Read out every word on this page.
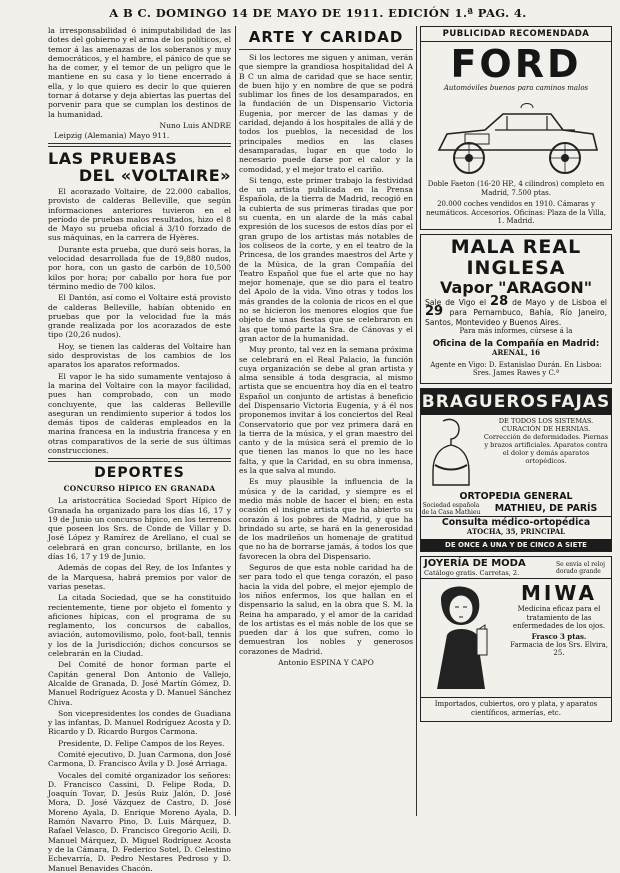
A B C. DOMINGO 14 DE MAYO DE 1911. EDICIÓN 1.ª PAG. 4.

la irresponsabilidad ó inimputabilidad de las dotes del gobierno y el arma de los políticos, el temor á las amenazas de los soberanos y muy democráticos, y el hambre, el pánico de que se ha de comer, y el temor de un peligro que le mantiene en su casa y lo tiene encerrado á ella, y lo que quiero es decir lo que quieren tornar á dotarse y deja abiertas las puertas del porvenir para que se cumplan los destinos de la humanidad.

Nuno Luis ANDRE
Leipzig (Alemania) Mayo 911.
LAS PRUEBAS
DEL «VOLTAIRE»

El acorazado Voltaire, de 22.000 caballos, provisto de calderas Belleville, que según informaciones anteriores tuvieron en el período de pruebas malos resultados, hizo el 8 de Mayo su prueba oficial á 3/10 forzado de sus máquinas, en la carrera de Hyères.

Durante esta prueba, que duró seis horas, la velocidad desarrollada fue de 19,880 nudos, por hora, con un gasto de carbón de 10,500 kilos por hora; por caballo por hora fue por término medio de 700 kilos.

El Dantón, así como el Voltaire está provisto de calderas Belleville, habían obtenido en pruebas que por la velocidad fue la más grande realizada por los acorazados de este tipo (20,26 nudos).

Hoy, se tienen las calderas del Voltaire han sido desprovistas de los cambios de los aparatos los aparatos reformados.

El vapor le ha sido sumamente ventajoso á la marina del Voltaire con la mayor facilidad, pues han comprobado, con un modo concluyente, que las calderas Belleville aseguran un rendimiento superior á todos los demás tipos de calderas empleados en la marina francesa en la industria francesa y en otras comparativos de la serie de sus últimas construcciones.

DEPORTES
CONCURSO HÍPICO EN GRANADA

La aristocrática Sociedad Sport Hípico de Granada ha organizado para los días 16, 17 y 19 de Junio un concurso hípico, en los terrenos que poseen los Srs. de Conde de Villar y D. José López y Ramírez de Arellano, el cual se celebrará en gran concurso, brillante, en los días 16, 17 y 19 de Junio.

Además de copas del Rey, de los Infantes y de la Marquesa, habrá premios por valor de varias pesetas.

La citada Sociedad, que se ha constituido recientemente, tiene por objeto el fomento y aficiones hípicas, con el programa de su reglamento, los concursos de caballos, aviación, automovilismo, polo, foot-ball, tennis y los de la Jurisdicción; dichos concursos se celebrarán en la Ciudad.

Del Comité de honor forman parte el Capitán general Don Antonio de Vallejo, Alcalde de Granada, D. José Martín Gómez, D. Manuel Rodríguez Acosta y D. Manuel Sánchez Chiva.

Son vicepresidentes los condes de Guadiana y las infantas, D. Manuel Rodríguez Acosta y D. Ricardo y D. Ricardo Burgos Carmona.

Presidente, D. Felipe Campos de los Reyes.

Comité ejecutivo, D. Juan Carmona, don José Carmona, D. Francisco Ávila y D. José Arriaga.

Vocales del comité organizador los señores: D. Francisco Cassini, D. Felipe Roda, D. Joaquín Tovar, D. Jesús Ruiz Jalón, D. José Mora, D. José Vázquez de Castro, D. José Moreno Ayala, D. Enrique Moreno Ayala, D. Ramón Navarro Pino, D. Luis Márquez, D. Rafael Velasco, D. Francisco Gregorio Acili, D. Manuel Márquez, D. Miguel Rodríguez Acosta y de la Cámara, D. Federico Sotel, D. Celestino Echevarría, D. Pedro Nestares Pedroso y D. Manuel Benavides Chacón.

ARTE Y CARIDAD

Si los lectores me siguen y animan, verán que siempre la grandiosa hospitalidad del A B C un alma de caridad que se hace sentir, de buen hijo y en nombre de que se podrá sublimar los fines de los desamparados, en la fundación de un Dispensario Victoria Eugenia, por mercer de las damas y de caridad, dejando á los hospitales de allá y de todos los pueblos, la necesidad de los principales medios en las clases desamparadas, lugar en que todo lo necesario puede darse por el calor y la comodidad, y el mejor trato el cariño.

Si tengo, este primer trabajo la festividad de un artista publicada en la Prensa Española, de la tierra de Madrid, recogió en la cubierta de sus primeras tiradas que por su cuenta, en un alarde de la más cabal expresión de los sucesos de estos días por el gran grupo de los artistas más notables de los coliseos de la corte, y en el teatro de la Princesa, de los grandes maestros del Arte y de la Música, de la gran Compañía del Teatro Español que fue el arte que no hay mejor homenaje, que se dio para el teatro del Apolo de la vida. Vino otras y todos los más grandes de la colonia de ricos en el que no se hicieron los menores elogios que fue objeto de unas fiestas que se celebraron en las que tomó parte la Sra. de Cánovas y el gran actor de la humanidad.

Muy pronto, tal vez en la semana próxima se celebrará en el Real Palacio, la función cuya organización se debe al gran artista y alma sensible á toda desgracia, al mismo artista que se encuentra hoy día en el teatro Español un conjunto de artistas á beneficio del Dispensario Victoria Eugenia, y á él nos proponemos invitar á los conciertos del Real Conservatorio que por vez primera dará en la tierra de la música, y el gran maestro del canto y de la música será el premio de lo que tienen las manos lo que no les hace falta, y que la Caridad, en su obra inmensa, es la que salva al mundo.

Es muy plausible la influencia de la música y de la caridad, y siempre es el medio más noble de hacer el bien; en esta ocasión el insigne artista que ha abierto su corazón á los pobres de Madrid, y que ha brindado su arte, se hará en la generosidad de los madrileños un homenaje de gratitud que no ha de borrarse jamás, á todos los que favorecen la obra del Dispensario.

Seguros de que esta noble caridad ha de ser para todo el que tenga corazón, el paso hacia la vida del pobre, el mejor ejemplo de los niños enfermos, los que hallan en el dispensario la salud, en la obra que S. M. la Reina ha amparado, y el amor de la caridad de los artistas es el más noble de los que se pueden dar á los que sufren, como lo demuestran los nobles y generosos corazones de Madrid.

Antonio ESPINA Y CAPO
PUBLICIDAD RECOMENDADA
FORD
Automóviles buenos para caminos malos
Doble Faeton (16-20 HP., 4 cilindros) completo en Madrid, 7.500 ptas.
20.000 coches vendidos en 1910. Cámaras y neumáticos. Accesorios. Oficinas: Plaza de la Villa, 1. Madrid.
MALA REAL INGLESA
Vapor "ARAGON"
Sale de Vigo el 28 de Mayo y de Lisboa el 29 para Pernambuco, Bahía, Río Janeiro, Santos, Montevideo y Buenos Aires.
Para más informes, cúrsese á la
Oficina de la Compañía en Madrid:
ARENAL, 16
Agente en Vigo: D. Estanislao Durán. En Lisboa: Sres. James Rawes y C.ª
BRAGUEROS FAJAS
DE TODOS LOS SISTEMAS. CURACIÓN DE HERNIAS. Corrección de deformidades. Piernas y brazos artificiales. Aparatos contra el dolor y demás aparatos ortopédicos.
ORTOPEDIA GENERAL
Sociedad española de la Casa Mathieu	MATHIEU, DE PARÍS
Consulta médico-ortopédica
ATOCHA, 35, PRINCIPAL
DE ONCE A UNA Y DE CINCO A SIETE
JOYERÍA DE MODA
Catálogo gratis. Carretas, 2.
Se envía el reloj dorado grande
MIWA
Medicina eficaz para el tratamiento de las enfermedades de los ojos.
Frasco 3 ptas.
Farmacia de los Srs. Elvira, 25.
Importados, cubiertos, oro y plata, y aparatos científicos, armerías, etc.
